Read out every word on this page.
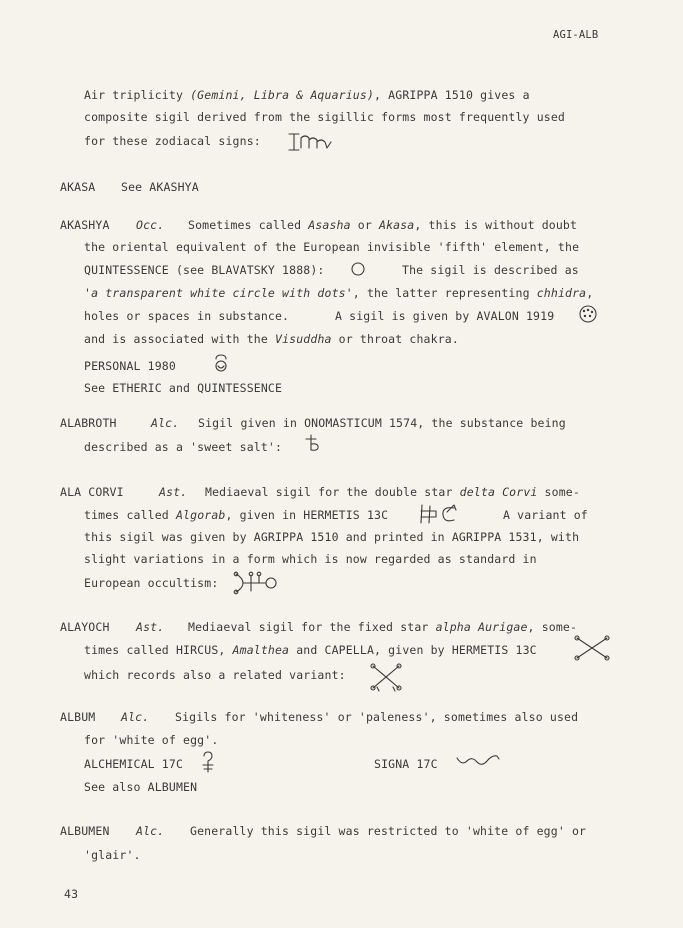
AGI-ALB
Air triplicity (Gemini, Libra & Aquarius), AGRIPPA 1510 gives a
composite sigil derived from the sigillic forms most frequently used
for these zodiacal signs:
AKASA See AKASHYA
AKASHYA Occ. Sometimes called Asasha or Akasa, this is without doubt
the oriental equivalent of the European invisible 'fifth' element, the
QUINTESSENCE (see BLAVATSKY 1888):	The sigil is described as
'a transparent white circle with dots', the latter representing chhidra,
holes or spaces in substance.	A sigil is given by AVALON 1919
and is associated with the Visuddha or throat chakra.
PERSONAL 1980
See ETHERIC and QUINTESSENCE
ALABROTH	Alc. Sigil given in ONOMASTICUM 1574, the substance being
described as a 'sweet salt':
ALA CORVI	Ast. Mediaeval sigil for the double star delta Corvi some-
times called Algorab, given in HERMETIS 13C	A variant of
this sigil was given by AGRIPPA 1510 and printed in AGRIPPA 1531, with
slight variations in a form which is now regarded as standard in
European occultism:
ALAYOCH Ast. Mediaeval sigil for the fixed star alpha Aurigae, some-
times called HIRCUS, Amalthea and CAPELLA, given by HERMETIS 13C
which records also a related variant:
ALBUM Alc. Sigils for 'whiteness' or 'paleness', sometimes also used
for 'white of egg'.
ALCHEMICAL 17C	SIGNA 17C
See also ALBUMEN
ALBUMEN Alc. Generally this sigil was restricted to 'white of egg' or
'glair'.
43
